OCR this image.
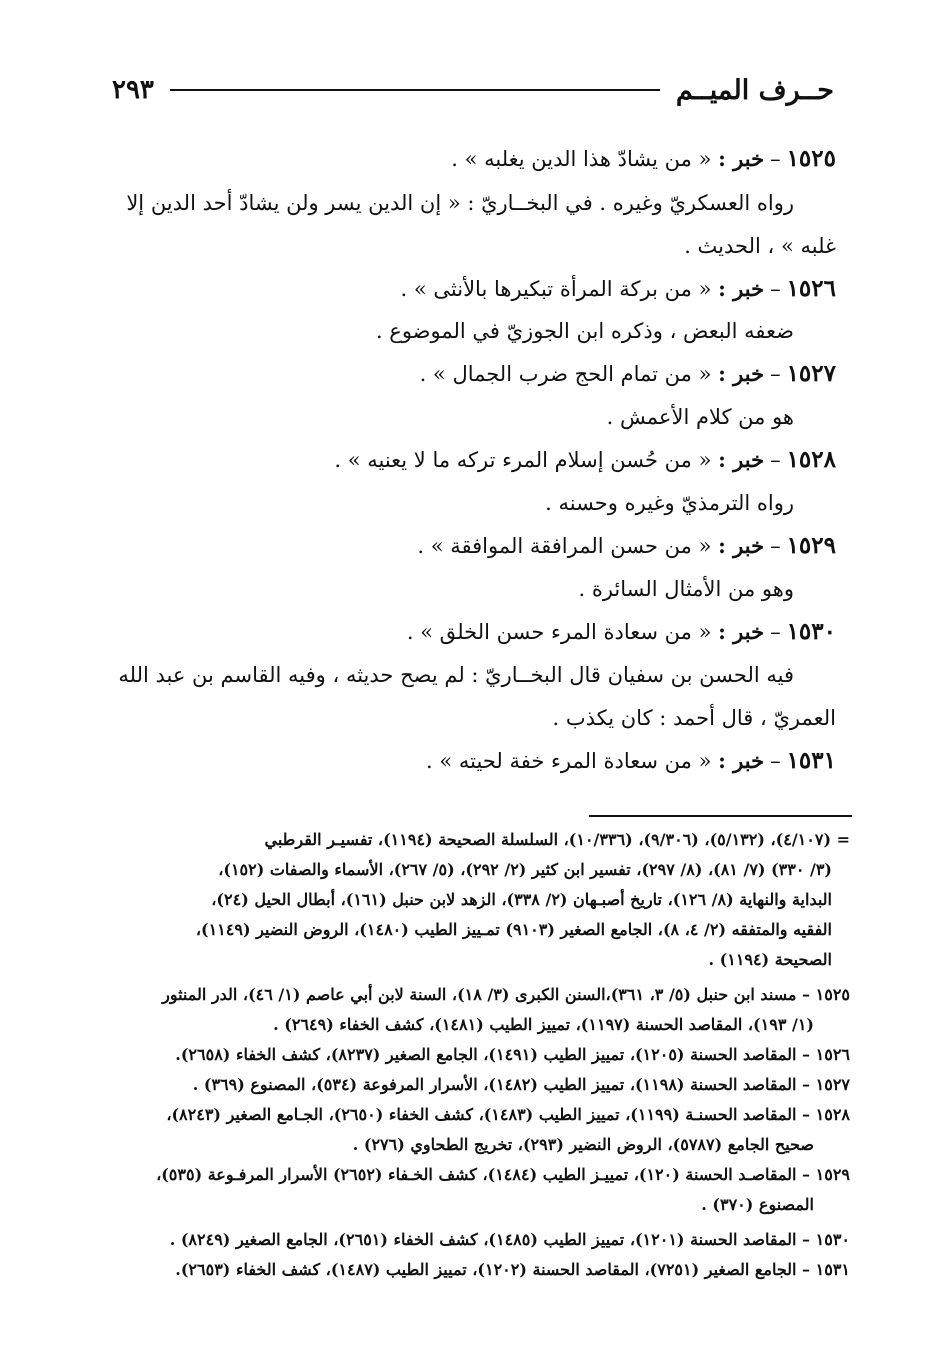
حــرف الميــم
٢٩٣
١٥٢٥–خبر : « من يشادّ هذا الدين يغلبه » .
رواه العسكريّ وغيره . في البخــاريّ : « إن الدين يسر ولن يشادّ أحد الدين إلا
غلبه » ، الحديث .
١٥٢٦–خبر : « من بركة المرأة تبكيرها بالأنثى » .
ضعفه البعض ، وذكره ابن الجوزيّ في الموضوع .
١٥٢٧–خبر : « من تمام الحج ضرب الجمال » .
هو من كلام الأعمش .
١٥٢٨–خبر : « من حُسن إسلام المرء تركه ما لا يعنيه » .
رواه الترمذيّ وغيره وحسنه .
١٥٢٩–خبر : « من حسن المرافقة الموافقة » .
وهو من الأمثال السائرة .
١٥٣٠–خبر : « من سعادة المرء حسن الخلق » .
فيه الحسن بن سفيان قال البخــاريّ : لم يصح حديثه ، وفيه القاسم بن عبد الله
العمريّ ، قال أحمد : كان يكذب .
١٥٣١–خبر : « من سعادة المرء خفة لحيته » .
= (٤/١٠٧)، (٥/١٣٢)، (٩/٣٠٦)، (١٠/٣٣٦)، السلسلة الصحيحة (١١٩٤)، تفسيـر القرطبي
(٣/ ٣٣٠) (٧/ ٨١)، (٨/ ٢٩٧)، تفسير ابن كثير (٢/ ٢٩٢)، (٥/ ٢٦٧)، الأسماء والصفات (١٥٢)،
البداية والنهاية (٨/ ١٢٦)، تاريخ أصبـهان (٢/ ٣٣٨)، الزهد لابن حنبل (١٦١)، أبطال الحيل (٢٤)،
الفقيه والمتفقه (٢/ ٤، ٨)، الجامع الصغير (٩١٠٣) تمـييز الطيب (١٤٨٠)، الروض النضير (١١٤٩)،
الصحيحة (١١٩٤) .
١٥٢٥ – مسند ابن حنبل (٥/ ٣، ٣٦١)،السنن الكبرى (٣/ ١٨)، السنة لابن أبي عاصم (١/ ٤٦)، الدر المنثور
(١/ ١٩٣)، المقاصد الحسنة (١١٩٧)، تمييز الطيب (١٤٨١)، كشف الخفاء (٢٦٤٩) .
١٥٢٦ – المقاصد الحسنة (١٢٠٥)، تمييز الطيب (١٤٩١)، الجامع الصغير (٨٢٣٧)، كشف الخفاء (٢٦٥٨).
١٥٢٧ – المقاصد الحسنة (١١٩٨)، تمييز الطيب (١٤٨٢)، الأسرار المرفوعة (٥٣٤)، المصنوع (٣٦٩) .
١٥٢٨ – المقاصد الحسنـة (١١٩٩)، تمييز الطيب (١٤٨٣)، كشف الخفاء (٢٦٥٠)، الجـامع الصغير (٨٢٤٣)،
صحيح الجامع (٥٧٨٧)، الروض النضير (٢٩٣)، تخريج الطحاوي (٢٧٦) .
١٥٢٩ – المقاصـد الحسنة (١٢٠)، تمييـز الطيب (١٤٨٤)، كشف الخـفاء (٢٦٥٢) الأسرار المرفـوعة (٥٣٥)،
المصنوع (٣٧٠) .
١٥٣٠ – المقاصد الحسنة (١٢٠١)، تمييز الطيب (١٤٨٥)، كشف الخفاء (٢٦٥١)، الجامع الصغير (٨٢٤٩) .
١٥٣١ – الجامع الصغير (٧٢٥١)، المقاصد الحسنة (١٢٠٢)، تمييز الطيب (١٤٨٧)، كشف الخفاء (٢٦٥٣).
